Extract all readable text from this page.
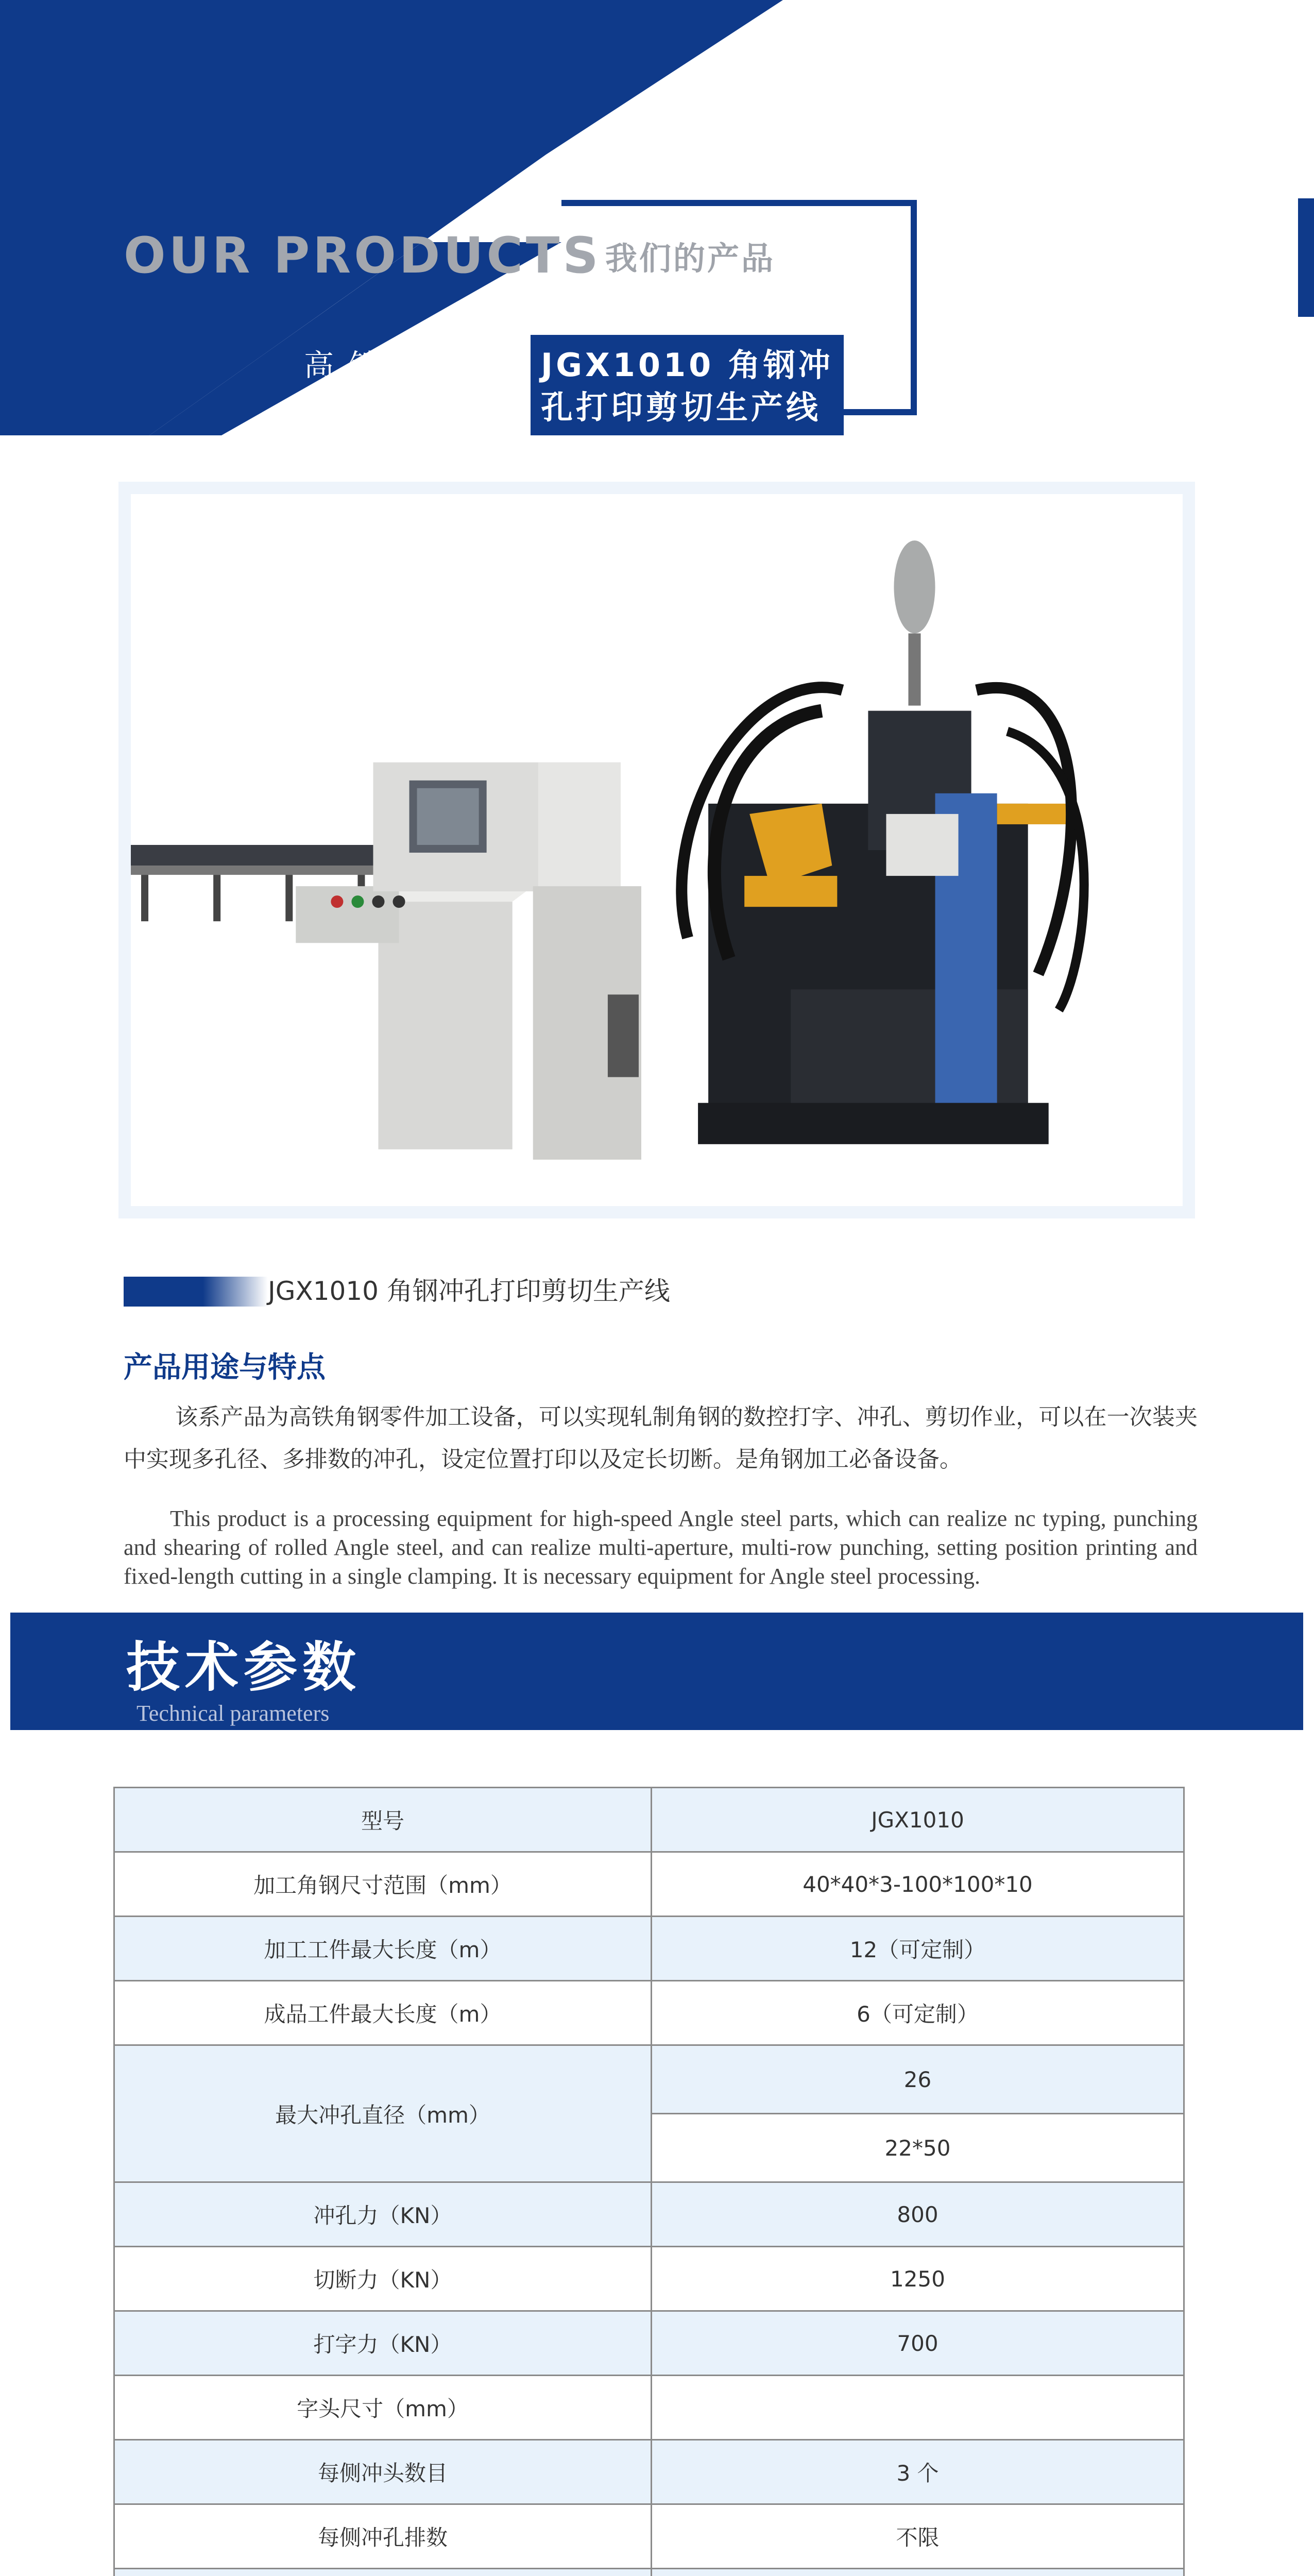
OUR PRODUCTS 我们的产品
高铁附件
加工设备
JGX1010 角钢冲
孔打印剪切生产线
JGX1010 角钢冲孔打印剪切生产线
产品用途与特点
该系产品为高铁角钢零件加工设备，可以实现轧制角钢的数控打字、冲孔、剪切作业，可以在一次装夹中实现多孔径、多排数的冲孔，设定位置打印以及定长切断。是角钢加工必备设备。
This product is a processing equipment for high-speed Angle steel parts, which can realize nc typing, punching and shearing of rolled Angle steel, and can realize multi-aperture, multi-row punching, setting position printing and fixed-length cutting in a single clamping. It is necessary equipment for Angle steel processing.
技术参数
Technical parameters
型号	JGX1010
加工角钢尺寸范围（mm）	40*40*3-100*100*10
加工工件最大长度（m）	12（可定制）
成品工件最大长度（m）	6（可定制）
最大冲孔直径（mm）	26
	22*50
冲孔力（KN）	800
切断力（KN）	1250
打字力（KN）	700
字头尺寸（mm）	
每侧冲头数目	3 个
每侧冲孔排数	不限
